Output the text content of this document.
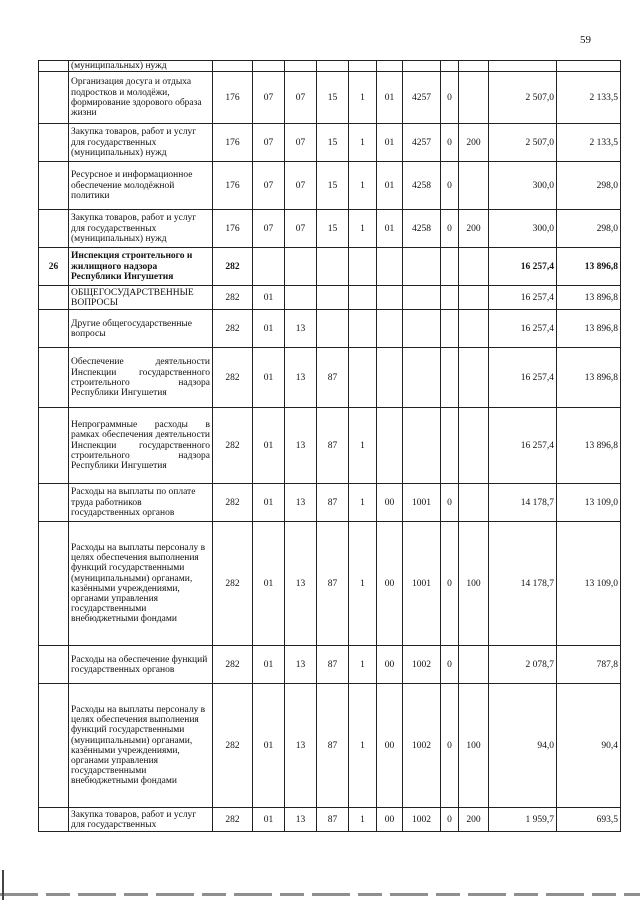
59
	(муниципальных) нужд											
	Организация досуга и отдыха подростков и молодёжи, формирование здорового образа жизни	176	07	07	15	1	01	4257	0		2 507,0	2 133,5
	Закупка товаров, работ и услуг для государственных (муниципальных) нужд	176	07	07	15	1	01	4257	0	200	2 507,0	2 133,5
	Ресурсное и информационное обеспечение молодёжной политики	176	07	07	15	1	01	4258	0		300,0	298,0
	Закупка товаров, работ и услуг для государственных (муниципальных) нужд	176	07	07	15	1	01	4258	0	200	300,0	298,0
26	Инспекция строительного и жилищного надзора Республики Ингушетия	282									16 257,4	13 896,8
	ОБЩЕГОСУДАРСТВЕННЫЕ ВОПРОСЫ	282	01								16 257,4	13 896,8
	Другие общегосударственные вопросы	282	01	13							16 257,4	13 896,8

	Обеспечение деятельности Инспекции государственного строительного надзора Республики Ингушетия	282	01	13	87						16 257,4	13 896,8

	Непрограммные расходы в рамках обеспечения деятельности Инспекции государственного строительного надзора Республики Ингушетия	282	01	13	87	1					16 257,4	13 896,8
	Расходы на выплаты по оплате труда работников государственных органов	282	01	13	87	1	00	1001	0		14 178,7	13 109,0
	Расходы на выплаты персоналу в целях обеспечения выполнения функций государственными (муниципальными) органами, казёнными учреждениями, органами управления государственными внебюджетными фондами	282	01	13	87	1	00	1001	0	100	14 178,7	13 109,0
	Расходы на обеспечение функций государственных органов	282	01	13	87	1	00	1002	0		2 078,7	787,8
	Расходы на выплаты персоналу в целях обеспечения выполнения функций государственными (муниципальными) органами, казёнными учреждениями, органами управления государственными внебюджетными фондами	282	01	13	87	1	00	1002	0	100	94,0	90,4
	Закупка товаров, работ и услуг для государственных	282	01	13	87	1	00	1002	0	200	1 959,7	693,5
